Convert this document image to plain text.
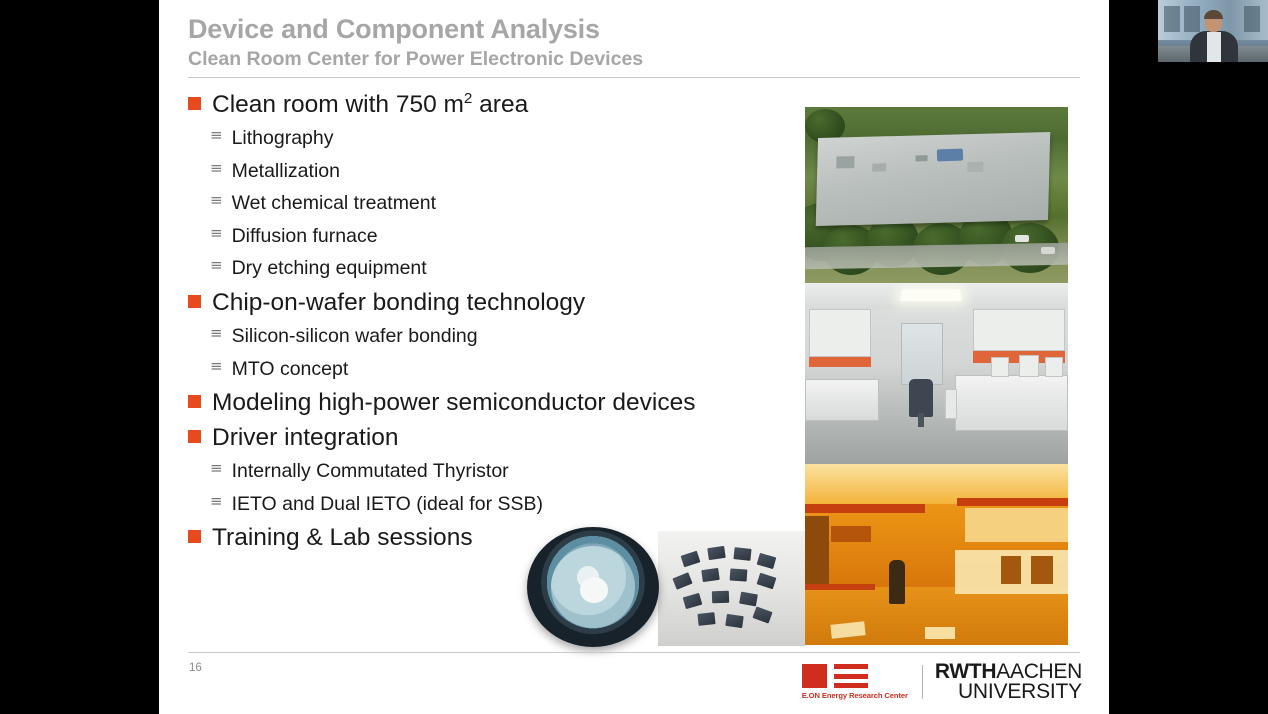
Device and Component Analysis
Clean Room Center for Power Electronic Devices
Clean room with 750 $m^2$ area
≡ Lithography
≡ Metallization
≡ Wet chemical treatment
≡ Diffusion furnace
≡ Dry etching equipment
Chip-on-wafer bonding technology
≡ Silicon-silicon wafer bonding
≡ MTO concept
Modeling high-power semiconductor devices
Driver integration
≡ Internally Commutated Thyristor
≡ IETO and Dual IETO (ideal for SSB)
Training & Lab sessions
16
E.ON Energy Research Center
RWTHAACHEN
UNIVERSITY
